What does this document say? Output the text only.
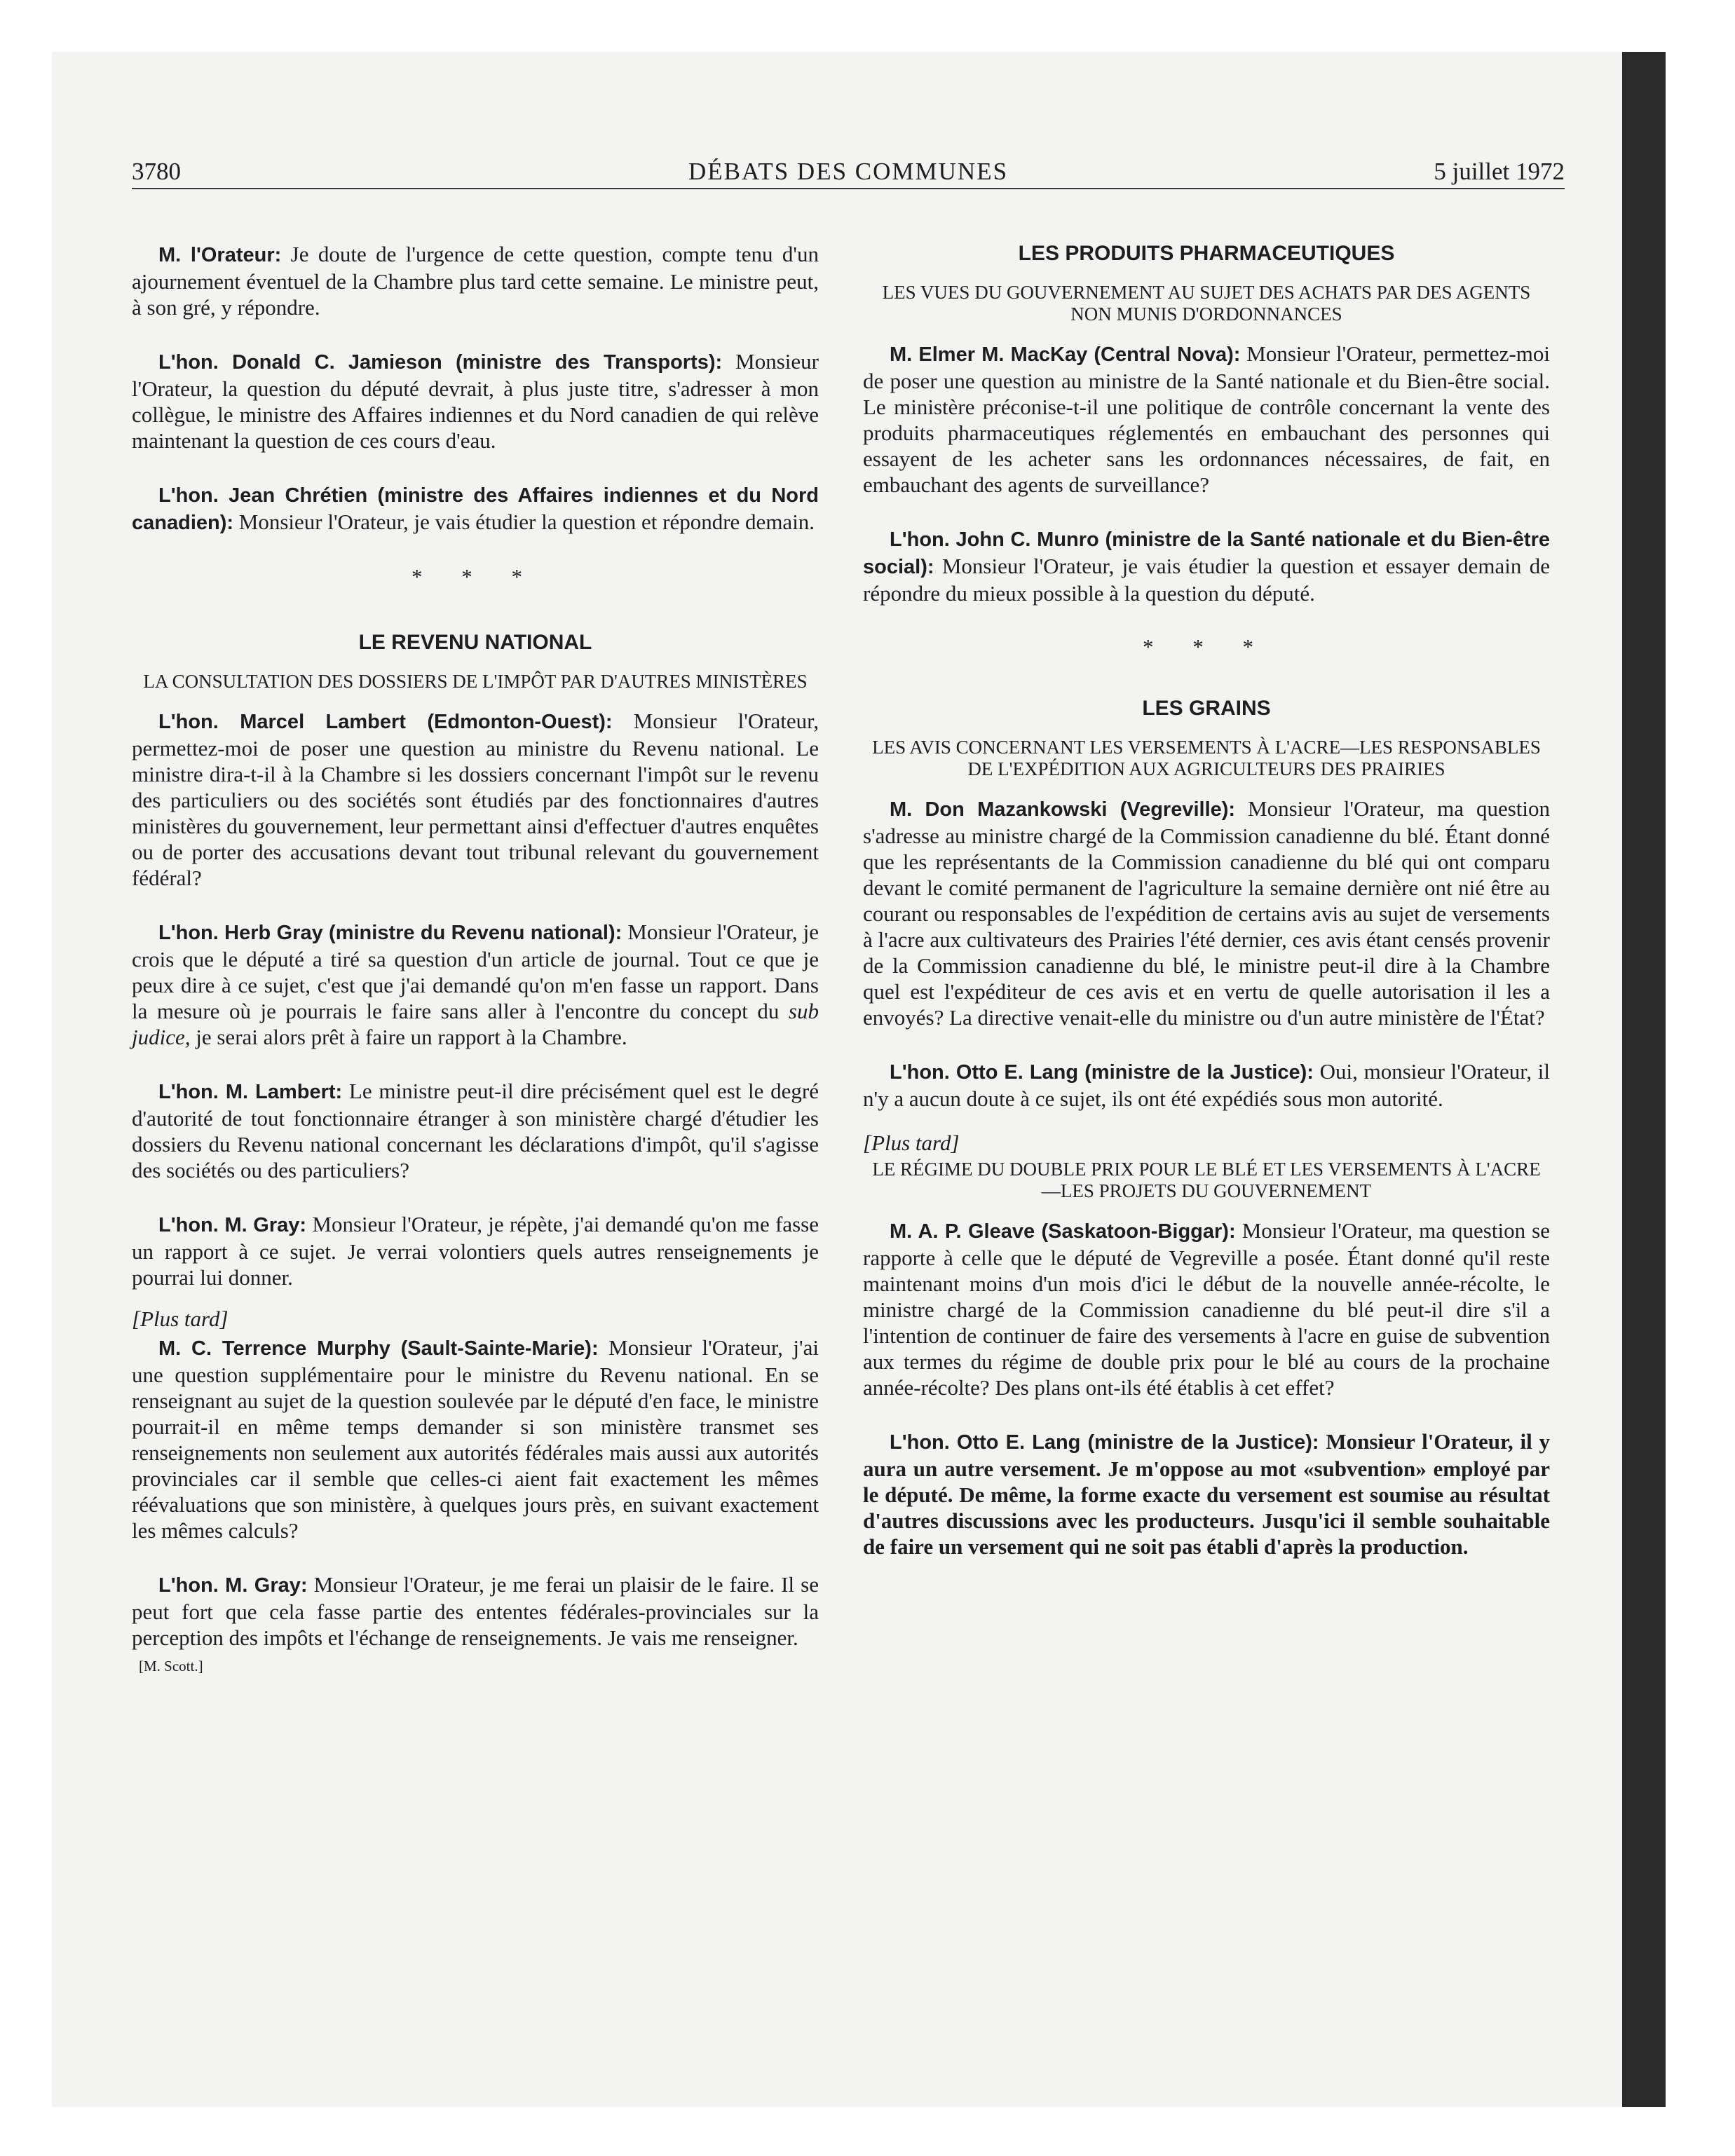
3780	DÉBATS DES COMMUNES	5 juillet 1972

M. l'Orateur: Je doute de l'urgence de cette question, compte tenu d'un ajournement éventuel de la Chambre plus tard cette semaine. Le ministre peut, à son gré, y répondre.

L'hon. Donald C. Jamieson (ministre des Transports): Monsieur l'Orateur, la question du député devrait, à plus juste titre, s'adresser à mon collègue, le ministre des Affaires indiennes et du Nord canadien de qui relève maintenant la question de ces cours d'eau.

L'hon. Jean Chrétien (ministre des Affaires indiennes et du Nord canadien): Monsieur l'Orateur, je vais étudier la question et répondre demain.

* * *
LE REVENU NATIONAL
LA CONSULTATION DES DOSSIERS DE L'IMPÔT PAR D'AUTRES MINISTÈRES

L'hon. Marcel Lambert (Edmonton-Ouest): Monsieur l'Orateur, permettez-moi de poser une question au ministre du Revenu national. Le ministre dira-t-il à la Chambre si les dossiers concernant l'impôt sur le revenu des particuliers ou des sociétés sont étudiés par des fonctionnaires d'autres ministères du gouvernement, leur permettant ainsi d'effectuer d'autres enquêtes ou de porter des accusations devant tout tribunal relevant du gouvernement fédéral?

L'hon. Herb Gray (ministre du Revenu national): Monsieur l'Orateur, je crois que le député a tiré sa question d'un article de journal. Tout ce que je peux dire à ce sujet, c'est que j'ai demandé qu'on m'en fasse un rapport. Dans la mesure où je pourrais le faire sans aller à l'encontre du concept du sub judice, je serai alors prêt à faire un rapport à la Chambre.

L'hon. M. Lambert: Le ministre peut-il dire précisément quel est le degré d'autorité de tout fonctionnaire étranger à son ministère chargé d'étudier les dossiers du Revenu national concernant les déclarations d'impôt, qu'il s'agisse des sociétés ou des particuliers?

L'hon. M. Gray: Monsieur l'Orateur, je répète, j'ai demandé qu'on me fasse un rapport à ce sujet. Je verrai volontiers quels autres renseignements je pourrai lui donner.

[Plus tard]

M. C. Terrence Murphy (Sault-Sainte-Marie): Monsieur l'Orateur, j'ai une question supplémentaire pour le ministre du Revenu national. En se renseignant au sujet de la question soulevée par le député d'en face, le ministre pourrait-il en même temps demander si son ministère transmet ses renseignements non seulement aux autorités fédérales mais aussi aux autorités provinciales car il semble que celles-ci aient fait exactement les mêmes réévaluations que son ministère, à quelques jours près, en suivant exactement les mêmes calculs?

L'hon. M. Gray: Monsieur l'Orateur, je me ferai un plaisir de le faire. Il se peut fort que cela fasse partie des ententes fédérales-provinciales sur la perception des impôts et l'échange de renseignements. Je vais me renseigner.

[M. Scott.]
LES PRODUITS PHARMACEUTIQUES
LES VUES DU GOUVERNEMENT AU SUJET DES ACHATS PAR DES AGENTS NON MUNIS D'ORDONNANCES

M. Elmer M. MacKay (Central Nova): Monsieur l'Orateur, permettez-moi de poser une question au ministre de la Santé nationale et du Bien-être social. Le ministère préconise-t-il une politique de contrôle concernant la vente des produits pharmaceutiques réglementés en embauchant des personnes qui essayent de les acheter sans les ordonnances nécessaires, de fait, en embauchant des agents de surveillance?

L'hon. John C. Munro (ministre de la Santé nationale et du Bien-être social): Monsieur l'Orateur, je vais étudier la question et essayer demain de répondre du mieux possible à la question du député.

* * *
LES GRAINS
LES AVIS CONCERNANT LES VERSEMENTS À L'ACRE—LES RESPONSABLES DE L'EXPÉDITION AUX AGRICULTEURS DES PRAIRIES

M. Don Mazankowski (Vegreville): Monsieur l'Orateur, ma question s'adresse au ministre chargé de la Commission canadienne du blé. Étant donné que les représentants de la Commission canadienne du blé qui ont comparu devant le comité permanent de l'agriculture la semaine dernière ont nié être au courant ou responsables de l'expédition de certains avis au sujet de versements à l'acre aux cultivateurs des Prairies l'été dernier, ces avis étant censés provenir de la Commission canadienne du blé, le ministre peut-il dire à la Chambre quel est l'expéditeur de ces avis et en vertu de quelle autorisation il les a envoyés? La directive venait-elle du ministre ou d'un autre ministère de l'État?

L'hon. Otto E. Lang (ministre de la Justice): Oui, monsieur l'Orateur, il n'y a aucun doute à ce sujet, ils ont été expédiés sous mon autorité.

[Plus tard]
LE RÉGIME DU DOUBLE PRIX POUR LE BLÉ ET LES VERSEMENTS À L'ACRE—LES PROJETS DU GOUVERNEMENT

M. A. P. Gleave (Saskatoon-Biggar): Monsieur l'Orateur, ma question se rapporte à celle que le député de Vegreville a posée. Étant donné qu'il reste maintenant moins d'un mois d'ici le début de la nouvelle année-récolte, le ministre chargé de la Commission canadienne du blé peut-il dire s'il a l'intention de continuer de faire des versements à l'acre en guise de subvention aux termes du régime de double prix pour le blé au cours de la prochaine année-récolte? Des plans ont-ils été établis à cet effet?

L'hon. Otto E. Lang (ministre de la Justice): Monsieur l'Orateur, il y aura un autre versement. Je m'oppose au mot «subvention» employé par le député. De même, la forme exacte du versement est soumise au résultat d'autres discussions avec les producteurs. Jusqu'ici il semble souhaitable de faire un versement qui ne soit pas établi d'après la production.
